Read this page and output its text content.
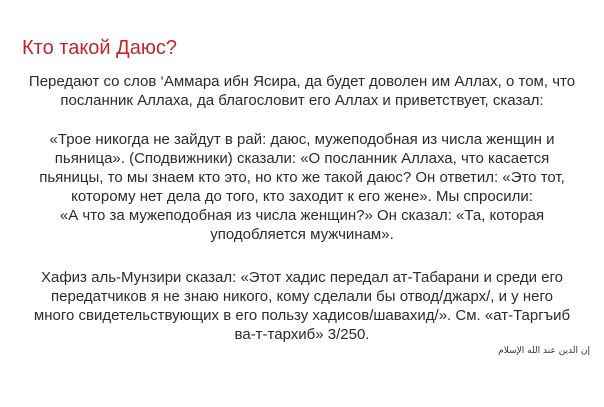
Кто такой Даюс?
Передают со слов ‘Аммара ибн Ясира, да будет доволен им Аллах, о том, что
посланник Аллаха, да благословит его Аллах и приветствует, сказал:
«Трое никогда не зайдут в рай: даюс, мужеподобная из числа женщин и
пьяница». (Сподвижники) сказали: «О посланник Аллаха, что касается
пьяницы, то мы знаем кто это, но кто же такой даюс? Он ответил: «Это тот,
которому нет дела до того, кто заходит к его жене». Мы спросили:
«А что за мужеподобная из числа женщин?» Он сказал: «Та, которая
уподобляется мужчинам».
Хафиз аль-Мунзири сказал: «Этот хадис передал ат-Табарани и среди его
передатчиков я не знаю никого, кому сделали бы отвод/джарх/, и у него
много свидетельствующих в его пользу хадисов/шавахид/». См. «ат-Таргъиб
ва-т-тархиб» 3/250.
إن الدين عند الله الإسلام
